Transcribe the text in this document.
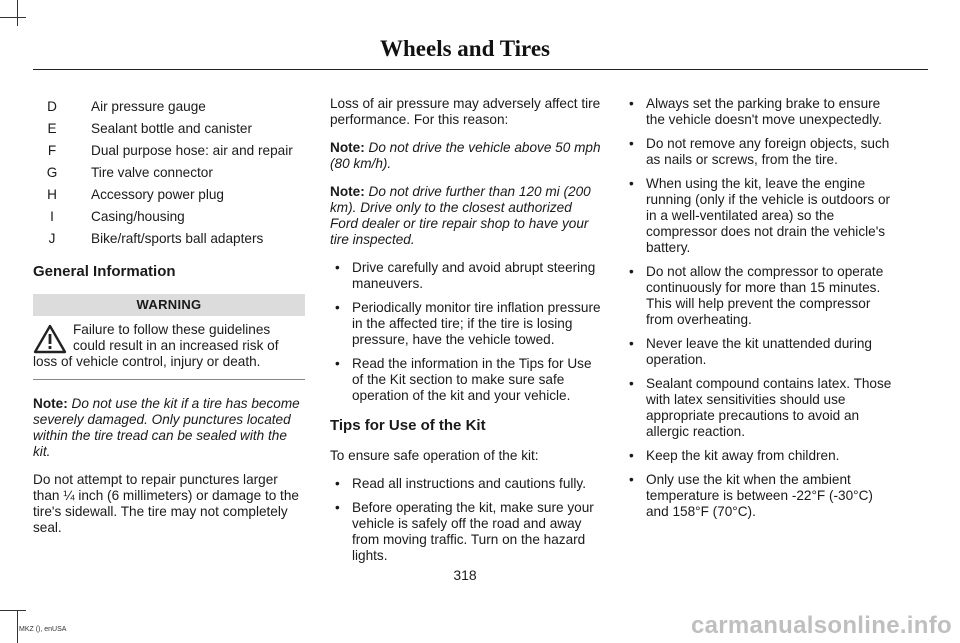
Wheels and Tires
D	Air pressure gauge
E	Sealant bottle and canister
F	Dual purpose hose: air and repair
G	Tire valve connector
H	Accessory power plug
I	Casing/housing
J	Bike/raft/sports ball adapters
General Information
WARNING
Failure to follow these guidelines could result in an increased risk of loss of vehicle control, injury or death.

Note: Do not use the kit if a tire has become severely damaged. Only punctures located within the tire tread can be sealed with the kit.

Do not attempt to repair punctures larger than ¼ inch (6 millimeters) or damage to the tire's sidewall. The tire may not completely seal.

Loss of air pressure may adversely affect tire performance. For this reason:

Note: Do not drive the vehicle above 50 mph (80 km/h).

Note: Do not drive further than 120 mi (200 km). Drive only to the closest authorized Ford dealer or tire repair shop to have your tire inspected.

• Drive carefully and avoid abrupt steering maneuvers.
• Periodically monitor tire inflation pressure in the affected tire; if the tire is losing pressure, have the vehicle towed.
• Read the information in the Tips for Use of the Kit section to make sure safe operation of the kit and your vehicle.
Tips for Use of the Kit

To ensure safe operation of the kit:

• Read all instructions and cautions fully.
• Before operating the kit, make sure your vehicle is safely off the road and away from moving traffic. Turn on the hazard lights.
• Always set the parking brake to ensure the vehicle doesn't move unexpectedly.
• Do not remove any foreign objects, such as nails or screws, from the tire.
• When using the kit, leave the engine running (only if the vehicle is outdoors or in a well-ventilated area) so the compressor does not drain the vehicle's battery.
• Do not allow the compressor to operate continuously for more than 15 minutes. This will help prevent the compressor from overheating.
• Never leave the kit unattended during operation.
• Sealant compound contains latex. Those with latex sensitivities should use appropriate precautions to avoid an allergic reaction.
• Keep the kit away from children.
• Only use the kit when the ambient temperature is between -22°F (-30°C) and 158°F (70°C).
318
MKZ (), enUSA	carmanualsonline.info
